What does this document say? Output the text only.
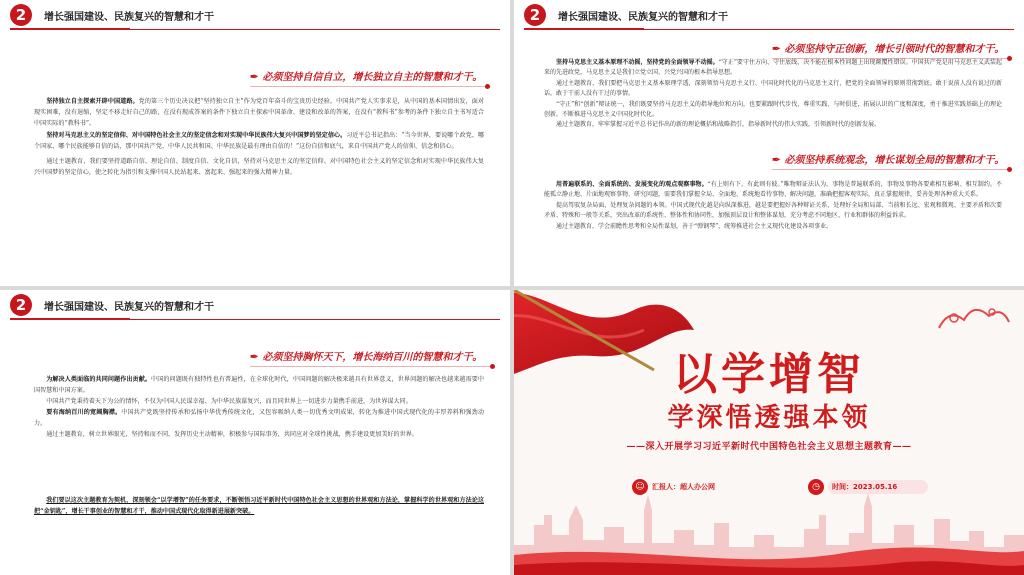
2	增长强国建设、民族复兴的智慧和才干
✒ 必须坚持自信自立，增长独立自主的智慧和才干。

坚持独立自主探索开辟中国道路。党的第三个历史决议把“坚持独立自主”作为党百年奋斗的宝贵历史经验。中国共产党人实事求是，从中国的基本国情出发，面对现实困难，没有退缩，坚定不移走好自己的路，在没有现成答案的条件下独立自主探索中国革命、建设和改革的答案，在没有“教科书”参考的条件下独立自主书写适合中国实际的“教科书”。

坚持对马克思主义的坚定信仰、对中国特色社会主义的坚定信念和对实现中华民族伟大复兴中国梦的坚定信心。习近平总书记指出：“当今世界，要说哪个政党、哪个国家、哪个民族能够自信的话，那中国共产党、中华人民共和国、中华民族是最有理由自信的！”这份自信和底气，来自中国共产党人的信仰、信念和信心。

通过主题教育，我们要坚持道路自信、理论自信、制度自信、文化自信，坚持对马克思主义的坚定信仰、对中国特色社会主义的坚定信念和对实现中华民族伟大复兴中国梦的坚定信心，使之转化为指引和支撑中国人民站起来、富起来、强起来的强大精神力量。

2	增长强国建设、民族复兴的智慧和才干
✒ 必须坚持守正创新，增长引领时代的智慧和才干。

坚持马克思主义基本原理不动摇，坚持党的全面领导不动摇。“守正”要守住方向、守住底线，决不能在根本性问题上出现颠覆性错误。中国共产党是用马克思主义武装起来的先进政党，马克思主义是我们立党立国、兴党兴国的根本指导思想。

通过主题教育，我们要把马克思主义基本原理学透，深刻领悟马克思主义行、中国化时代化的马克思主义行，把党的全面领导的原则贯彻到底。敢于说前人没有说过的新话，敢于干前人没有干过的事情。

“守正”和“创新”辩证统一，我们既要坚持马克思主义的指导地位和方向，也要紧跟时代步伐，尊重实践、与时俱进，拓展认识的广度和深度，勇于推进实践基础上的理论创新，不断推进马克思主义中国化时代化。

通过主题教育，牢牢掌握习近平总书记作出的新的理论概括和战略指引，指导新时代的伟大实践，引领新时代的创新发展。

✒ 必须坚持系统观念，增长谋划全局的智慧和才干。

用普遍联系的、全面系统的、发展变化的观点观察事物。“有上则有下，有此则有彼。”唯物辩证法认为，事物是普遍联系的，事物及事物各要素相互影响、相互制约。不能孤立静止地、片面地观察事物、研究问题，需要我们掌握全局、全面地、系统地看待事物、解决问题，准确把握客观实际，真正掌握规律，妥善处理各种重大关系。

提高驾驭复杂局面、处理复杂问题的本领。中国式现代化越是向纵深推进，越是要把握好各种辩证关系，处理好全局和局部、当前和长远、宏观和微观、主要矛盾和次要矛盾、特殊和一般等关系，突出改革的系统性、整体性和协同性，加强顶层设计和整体谋划，充分考虑不同地区、行业和群体的利益诉求。

通过主题教育，学会前瞻性思考和全局性谋划，善于“弹钢琴”，统筹推进社会主义现代化建设各项事业。

2	增长强国建设、民族复兴的智慧和才干
✒ 必须坚持胸怀天下，增长海纳百川的智慧和才干。

为解决人类面临的共同问题作出贡献。中国的问题既有独特性也有普遍性，在全球化时代，中国问题的解决极来越具有世界意义，世界问题的解决也越来越需要中国智慧和中国方案。

中国共产党秉持着天下为公的情怀，不仅为中国人民谋幸福、为中华民族谋复兴，而且同世界上一切进步力量携手前进，为世界谋大同。

要有海纳百川的宽阔胸襟。中国共产党既坚持传承和弘扬中华优秀传统文化，又包容吸纳人类一切优秀文明成果，转化为推进中国式现代化的丰厚养料和强劲动力。

通过主题教育，树立世界眼光，坚持和而不同，发挥历史主动精神，积极参与国际事务，共同应对全球性挑战，携手建设更加美好的世界。

我们要以这次主题教育为契机，深刻领会“以学增智”的任务要求，不断领悟习近平新时代中国特色社会主义思想的世界观和方法论，掌握科学的世界观和方法论这把“金钥匙”，增长干事创业的智慧和才干，推动中国式现代化取得新进展新突破。

以学增智
学深悟透强本领
——深入开展学习习近平新时代中国特色社会主义思想主题教育——
☺	汇报人：超人办公网	◷	时间：2023.05.16
